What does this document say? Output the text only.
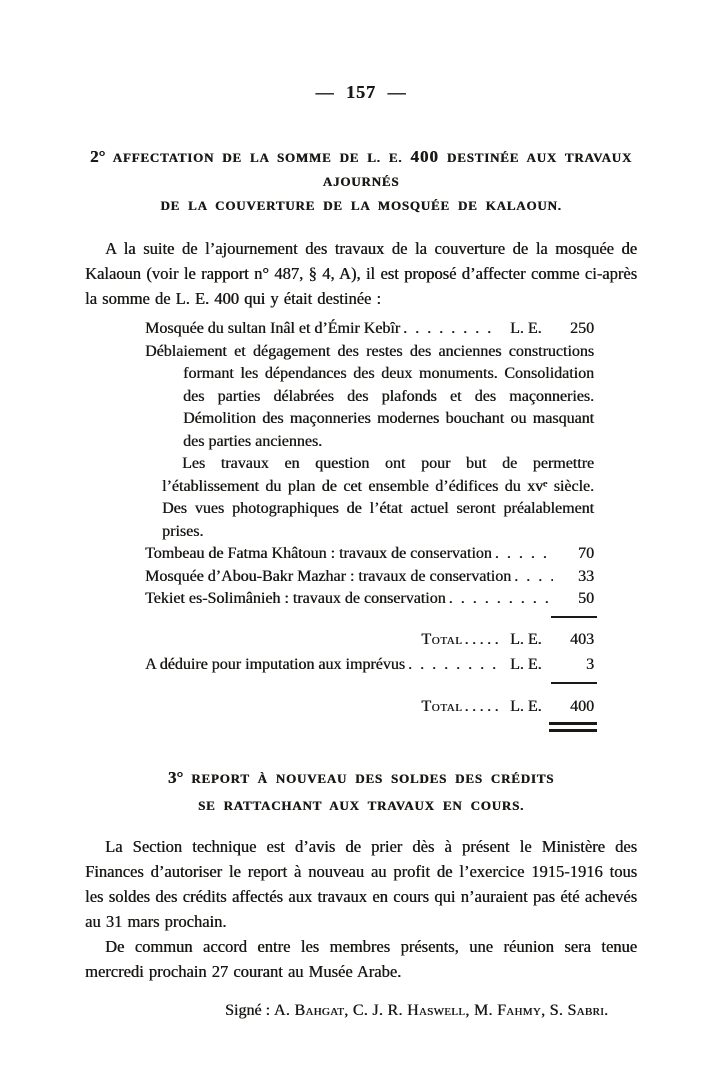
— 157 —
2° AFFECTATION DE LA SOMME DE L. E. 400 DESTINÉE AUX TRAVAUX AJOURNÉS
DE LA COUVERTURE DE LA MOSQUÉE DE KALAOUN.

A la suite de l’ajournement des travaux de la couverture de la mosquée de Kalaoun (voir le rapport n° 487, § 4, A), il est proposé d’affecter comme ci-après la somme de L. E. 400 qui y était destinée :

Mosquée du sultan Inâl et d’Émir Kebîr . . .	L. E.	250
Déblaiement et dégagement des restes des anciennes constructions formant les dépendances des deux monuments. Consolidation des parties délabrées des plafonds et des maçonneries. Démolition des maçonneries modernes bouchant ou masquant des parties anciennes.
Les travaux en question ont pour but de permettre l’établissement du plan de cet ensemble d’édifices du xvᵉ siècle. Des vues photographiques de l’état actuel seront préalablement prises.
Tombeau de Fatma Khâtoun : travaux de conservation . . .	70
Mosquée d’Abou-Bakr Mazhar : travaux de conservation . . .	33
Tekiet es-Solimânieh : travaux de conservation . . .	50
Total ..... L. E.	403
A déduire pour imputation aux imprévus . . .	L. E.	3
Total ..... L. E.	400
3° REPORT À NOUVEAU DES SOLDES DES CRÉDITS
SE RATTACHANT AUX TRAVAUX EN COURS.

La Section technique est d’avis de prier dès à présent le Ministère des Finances d’autoriser le report à nouveau au profit de l’exercice 1915-1916 tous les soldes des crédits affectés aux travaux en cours qui n’auraient pas été achevés au 31 mars prochain.

De commun accord entre les membres présents, une réunion sera tenue mercredi prochain 27 courant au Musée Arabe.

Signé : A. Bahgat, C. J. R. Haswell, M. Fahmy, S. Sabri.
